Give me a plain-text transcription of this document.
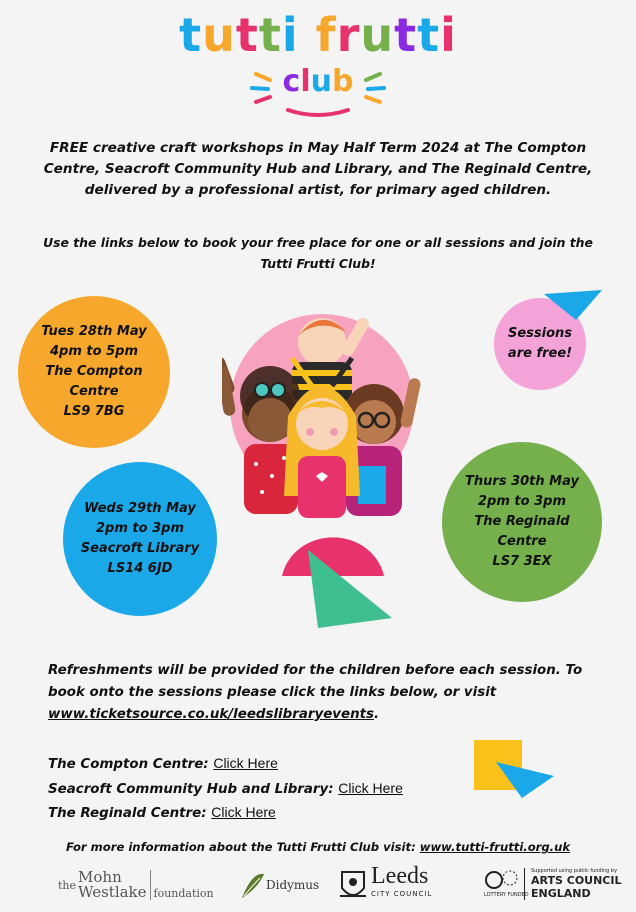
tutti frutti
club
FREE creative craft workshops in May Half Term 2024 at The Compton Centre, Seacroft Community Hub and Library, and The Reginald Centre, delivered by a professional artist, for primary aged children.
Use the links below to book your free place for one or all sessions and join the Tutti Frutti Club!
Tues 28th May
4pm to 5pm
The Compton
Centre
LS9 7BG
Weds 29th May
2pm to 3pm
Seacroft Library
LS14 6JD
Thurs 30th May
2pm to 3pm
The Reginald
Centre
LS7 3EX
Sessions
are free!
Refreshments will be provided for the children before each session. To book onto the sessions please click the links below, or visit www.ticketsource.co.uk/leedslibraryevents.
The Compton Centre: Click Here
Seacroft Community Hub and Library: Click Here
The Reginald Centre: Click Here
For more information about the Tutti Frutti Club visit: www.tutti-frutti.org.uk
the Mohn
Westlake foundation
Didymus Leeds
CITY COUNCIL	LOTTERY FUNDED
Supported using public funding by
ARTS COUNCIL
ENGLAND
